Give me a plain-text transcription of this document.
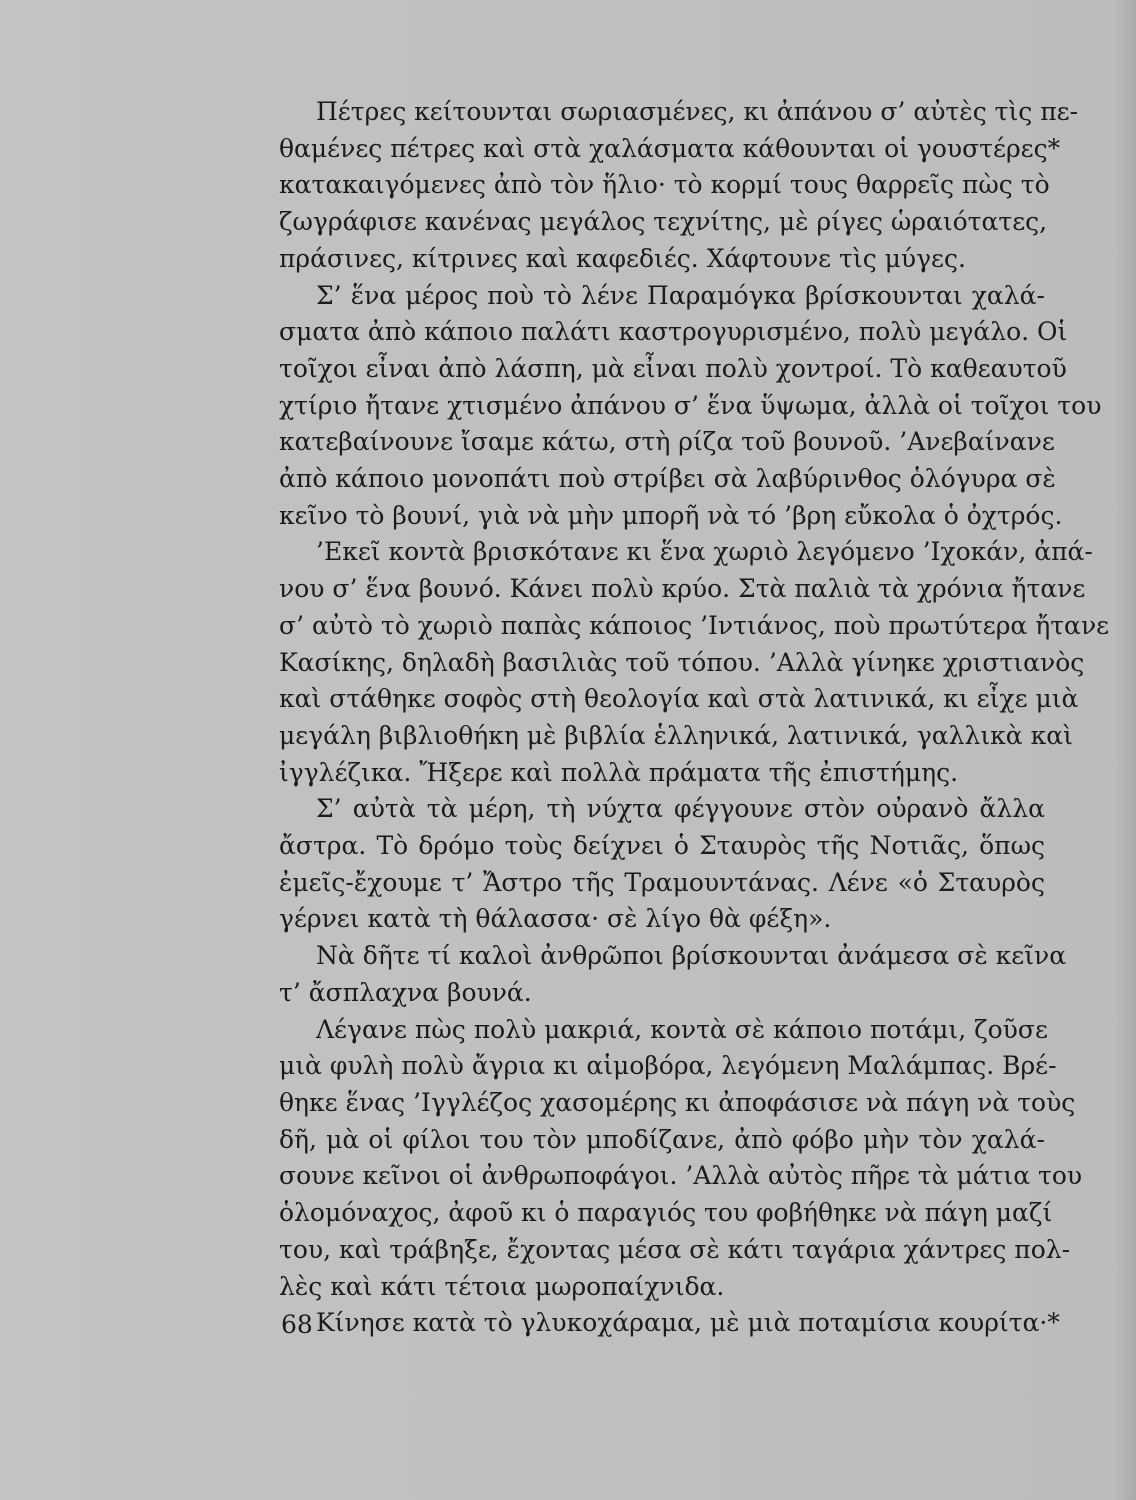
Πέτρες κείτουνται σωριασμένες, κι ἀπάνου σ’ αὐτὲς τὶς πε-
θαμένες πέτρες καὶ στὰ χαλάσματα κάθουνται οἱ γουστέρες*
κατακαιγόμενες ἀπὸ τὸν ἥλιο· τὸ κορμί τους θαρρεῖς πὼς τὸ
ζωγράφισε κανένας μεγάλος τεχνίτης, μὲ ρίγες ὡραιότατες,
πράσινες, κίτρινες καὶ καφεδιές. Χάφτουνε τὶς μύγες.

Σ’ ἕνα μέρος ποὺ τὸ λένε Παραμόγκα βρίσκουνται χαλά-
σματα ἀπὸ κάποιο παλάτι καστρογυρισμένο, πολὺ μεγάλο. Οἱ
τοῖχοι εἶναι ἀπὸ λάσπη, μὰ εἶναι πολὺ χοντροί. Τὸ καθεαυτοῦ
χτίριο ἤτανε χτισμένο ἀπάνου σ’ ἕνα ὕψωμα, ἀλλὰ οἱ τοῖχοι του
κατεβαίνουνε ἴσαμε κάτω, στὴ ρίζα τοῦ βουνοῦ. ’Ανεβαίνανε
ἀπὸ κάποιο μονοπάτι ποὺ στρίβει σὰ λαβύρινθος ὁλόγυρα σὲ
κεῖνο τὸ βουνί, γιὰ νὰ μὴν μπορῆ νὰ τό ’βρη εὔκολα ὁ ὀχτρός.

’Εκεῖ κοντὰ βρισκότανε κι ἕνα χωριὸ λεγόμενο ’Ιχοκάν, ἀπά-
νου σ’ ἕνα βουνό. Κάνει πολὺ κρύο. Στὰ παλιὰ τὰ χρόνια ἤτανε
σ’ αὐτὸ τὸ χωριὸ παπὰς κάποιος ’Ιντιάνος, ποὺ πρωτύτερα ἤτανε
Κασίκης, δηλαδὴ βασιλιὰς τοῦ τόπου. ’Αλλὰ γίνηκε χριστιανὸς
καὶ στάθηκε σοφὸς στὴ θεολογία καὶ στὰ λατινικά, κι εἶχε μιὰ
μεγάλη βιβλιοθήκη μὲ βιβλία ἑλληνικά, λατινικά, γαλλικὰ καὶ
ἰγγλέζικα. Ἤξερε καὶ πολλὰ πράματα τῆς ἐπιστήμης.

Σ’ αὐτὰ τὰ μέρη, τὴ νύχτα φέγγουνε στὸν οὐρανὸ ἄλλα
ἄστρα. Τὸ δρόμο τοὺς δείχνει ὁ Σταυρὸς τῆς Νοτιᾶς, ὅπως
ἐμεῖς-ἔχουμε τ’ Ἄστρο τῆς Τραμουντάνας. Λένε «ὁ Σταυρὸς
γέρνει κατὰ τὴ θάλασσα· σὲ λίγο θὰ φέξη».

Νὰ δῆτε τί καλοὶ ἀνθρῶποι βρίσκουνται ἀνάμεσα σὲ κεῖνα
τ’ ἄσπλαχνα βουνά.

Λέγανε πὼς πολὺ μακριά, κοντὰ σὲ κάποιο ποτάμι, ζοῦσε
μιὰ φυλὴ πολὺ ἄγρια κι αἱμοβόρα, λεγόμενη Μαλάμπας. Βρέ-
θηκε ἕνας ’Ιγγλέζος χασομέρης κι ἀποφάσισε νὰ πάγη νὰ τοὺς
δῆ, μὰ οἱ φίλοι του τὸν μποδίζανε, ἀπὸ φόβο μὴν τὸν χαλά-
σουνε κεῖνοι οἱ ἀνθρωποφάγοι. ’Αλλὰ αὐτὸς πῆρε τὰ μάτια του
ὁλομόναχος, ἀφοῦ κι ὁ παραγιός του φοβήθηκε νὰ πάγη μαζί
του, καὶ τράβηξε, ἔχοντας μέσα σὲ κάτι ταγάρια χάντρες πολ-
λὲς καὶ κάτι τέτοια μωροπαίχνιδα.

Κίνησε κατὰ τὸ γλυκοχάραμα, μὲ μιὰ ποταμίσια κουρίτα·*

68
